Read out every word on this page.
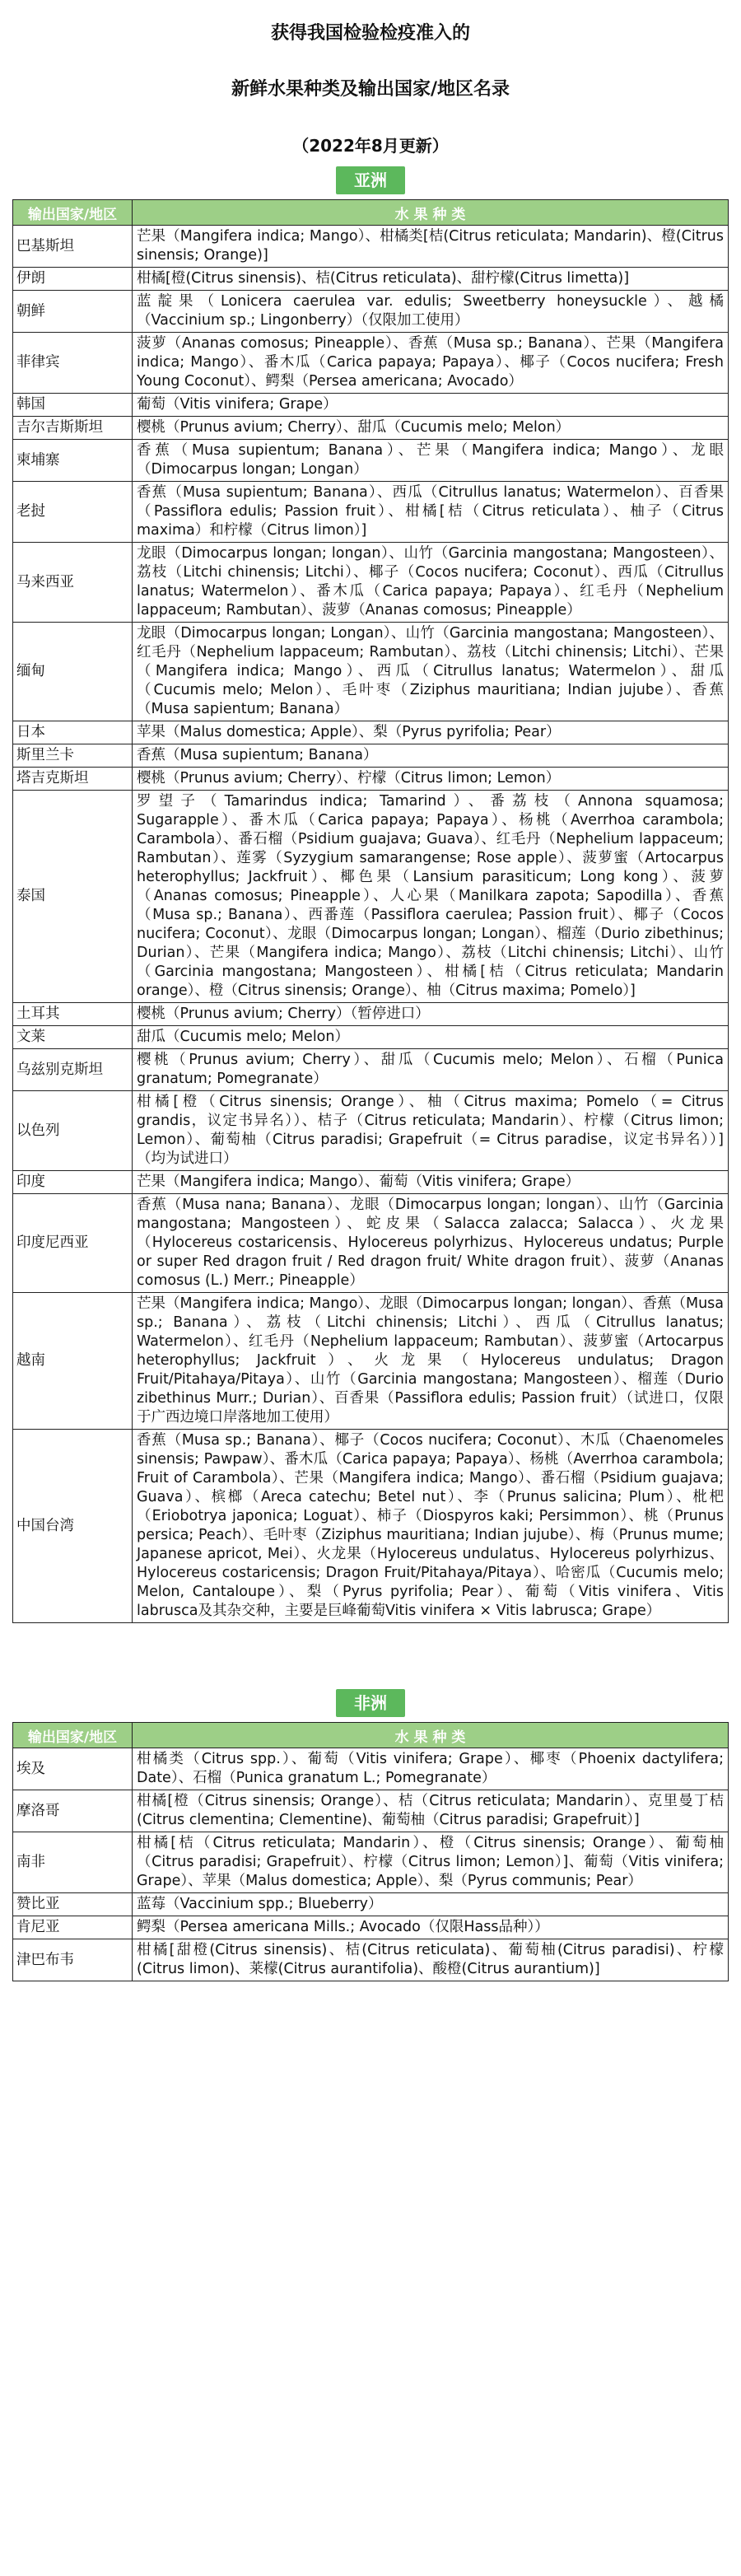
获得我国检验检疫准入的
新鲜水果种类及输出国家/地区名录
（2022年8月更新）
亚洲
输出国家/地区	水 果 种 类
巴基斯坦	芒果（Mangifera indica; Mango）、柑橘类[桔(Citrus reticulata; Mandarin)、橙(Citrus sinensis; Orange)]
伊朗	柑橘[橙(Citrus sinensis)、桔(Citrus reticulata)、甜柠檬(Citrus limetta)]
朝鲜	蓝靛果（Lonicera caerulea var. edulis; Sweetberry honeysuckle）、越橘（Vaccinium sp.; Lingonberry）（仅限加工使用）
菲律宾	菠萝（Ananas comosus; Pineapple）、香蕉（Musa sp.; Banana）、芒果（Mangifera indica; Mango）、番木瓜（Carica papaya; Papaya）、椰子（Cocos nucifera; Fresh Young Coconut）、鳄梨（Persea americana; Avocado）
韩国	葡萄（Vitis vinifera; Grape）
吉尔吉斯斯坦	樱桃（Prunus avium; Cherry）、甜瓜（Cucumis melo; Melon）
柬埔寨	香蕉（Musa supientum; Banana）、芒果（Mangifera indica; Mango）、龙眼（Dimocarpus longan; Longan）
老挝	香蕉（Musa supientum; Banana）、西瓜（Citrullus lanatus; Watermelon）、百香果（Passiflora edulis; Passion fruit）、柑橘[桔（Citrus reticulata）、柚子（Citrus maxima）和柠檬（Citrus limon）]
马来西亚	龙眼（Dimocarpus longan; longan）、山竹（Garcinia mangostana; Mangosteen）、荔枝（Litchi chinensis; Litchi）、椰子（Cocos nucifera; Coconut）、西瓜（Citrullus lanatus; Watermelon）、番木瓜（Carica papaya; Papaya）、红毛丹（Nephelium lappaceum; Rambutan）、菠萝（Ananas comosus; Pineapple）
缅甸	龙眼（Dimocarpus longan; Longan）、山竹（Garcinia mangostana; Mangosteen）、红毛丹（Nephelium lappaceum; Rambutan）、荔枝（Litchi chinensis; Litchi）、芒果（Mangifera indica; Mango）、西瓜（Citrullus lanatus; Watermelon）、甜瓜（Cucumis melo; Melon）、毛叶枣（Ziziphus mauritiana; Indian jujube）、香蕉（Musa sapientum; Banana）
日本	苹果（Malus domestica; Apple）、梨（Pyrus pyrifolia; Pear）
斯里兰卡	香蕉（Musa supientum; Banana）
塔吉克斯坦	樱桃（Prunus avium; Cherry）、柠檬（Citrus limon; Lemon）
泰国	罗望子（Tamarindus indica; Tamarind）、番荔枝（Annona squamosa; Sugarapple）、番木瓜（Carica papaya; Papaya）、杨桃（Averrhoa carambola; Carambola）、番石榴（Psidium guajava; Guava）、红毛丹（Nephelium lappaceum; Rambutan）、莲雾（Syzygium samarangense; Rose apple）、菠萝蜜（Artocarpus heterophyllus; Jackfruit）、椰色果（Lansium parasiticum; Long kong）、菠萝（Ananas comosus; Pineapple）、人心果（Manilkara zapota; Sapodilla）、香蕉（Musa sp.; Banana）、西番莲（Passiflora caerulea; Passion fruit）、椰子（Cocos nucifera; Coconut）、龙眼（Dimocarpus longan; Longan）、榴莲（Durio zibethinus; Durian）、芒果（Mangifera indica; Mango）、荔枝（Litchi chinensis; Litchi）、山竹（Garcinia mangostana; Mangosteen）、柑橘[桔（Citrus reticulata; Mandarin orange）、橙（Citrus sinensis; Orange）、柚（Citrus maxima; Pomelo）]
土耳其	樱桃（Prunus avium; Cherry）（暂停进口）
文莱	甜瓜（Cucumis melo; Melon）
乌兹别克斯坦	樱桃（Prunus avium; Cherry）、甜瓜（Cucumis melo; Melon）、石榴（Punica granatum; Pomegranate）
以色列	柑橘[橙（Citrus sinensis; Orange）、柚（Citrus maxima; Pomelo（= Citrus grandis，议定书异名））、桔子（Citrus reticulata; Mandarin）、柠檬（Citrus limon; Lemon）、葡萄柚（Citrus paradisi; Grapefruit（= Citrus paradise，议定书异名））]（均为试进口）
印度	芒果（Mangifera indica; Mango）、葡萄（Vitis vinifera; Grape）
印度尼西亚	香蕉（Musa nana; Banana）、龙眼（Dimocarpus longan; longan）、山竹（Garcinia mangostana; Mangosteen）、蛇皮果（Salacca zalacca; Salacca）、火龙果（Hylocereus costaricensis、Hylocereus polyrhizus、Hylocereus undatus; Purple or super Red dragon fruit / Red dragon fruit/ White dragon fruit）、菠萝（Ananas comosus (L.) Merr.; Pineapple）
越南	芒果（Mangifera indica; Mango）、龙眼（Dimocarpus longan; longan）、香蕉（Musa sp.; Banana）、荔枝（Litchi chinensis; Litchi）、西瓜（Citrullus lanatus; Watermelon）、红毛丹（Nephelium lappaceum; Rambutan）、菠萝蜜（Artocarpus heterophyllus; Jackfruit）、火龙果（Hylocereus undulatus; Dragon Fruit/Pitahaya/Pitaya）、山竹（Garcinia mangostana; Mangosteen）、榴莲（Durio zibethinus Murr.; Durian）、百香果（Passiflora edulis; Passion fruit）（试进口，仅限于广西边境口岸落地加工使用）
中国台湾	香蕉（Musa sp.; Banana）、椰子（Cocos nucifera; Coconut）、木瓜（Chaenomeles sinensis; Pawpaw）、番木瓜（Carica papaya; Papaya）、杨桃（Averrhoa carambola; Fruit of Carambola）、芒果（Mangifera indica; Mango）、番石榴（Psidium guajava; Guava）、槟榔（Areca catechu; Betel nut）、李（Prunus salicina; Plum）、枇杷（Eriobotrya japonica; Loguat）、柿子（Diospyros kaki; Persimmon）、桃（Prunus persica; Peach）、毛叶枣（Ziziphus mauritiana; Indian jujube）、梅（Prunus mume; Japanese apricot, Mei）、火龙果（Hylocereus undulatus、Hylocereus polyrhizus、Hylocereus costaricensis; Dragon Fruit/Pitahaya/Pitaya）、哈密瓜（Cucumis melo; Melon, Cantaloupe）、梨（Pyrus pyrifolia; Pear）、葡萄（Vitis vinifera、Vitis labrusca及其杂交种，主要是巨峰葡萄Vitis vinifera × Vitis labrusca; Grape）
非洲
输出国家/地区	水 果 种 类
埃及	柑橘类（Citrus spp.）、葡萄（Vitis vinifera; Grape）、椰枣（Phoenix dactylifera; Date）、石榴（Punica granatum L.; Pomegranate）
摩洛哥	柑橘[橙（Citrus sinensis; Orange）、桔（Citrus reticulata; Mandarin）、克里曼丁桔(Citrus clementina; Clementine)、葡萄柚（Citrus paradisi; Grapefruit）]
南非	柑橘[桔（Citrus reticulata; Mandarin）、橙（Citrus sinensis; Orange）、葡萄柚（Citrus paradisi; Grapefruit）、柠檬（Citrus limon; Lemon）]、葡萄（Vitis vinifera; Grape）、苹果（Malus domestica; Apple）、梨（Pyrus communis; Pear）
赞比亚	蓝莓（Vaccinium spp.; Blueberry）
肯尼亚	鳄梨（Persea americana Mills.; Avocado（仅限Hass品种））
津巴布韦	柑橘[甜橙(Citrus sinensis)、桔(Citrus reticulata)、葡萄柚(Citrus paradisi)、柠檬(Citrus limon)、莱檬(Citrus aurantifolia)、酸橙(Citrus aurantium)]
